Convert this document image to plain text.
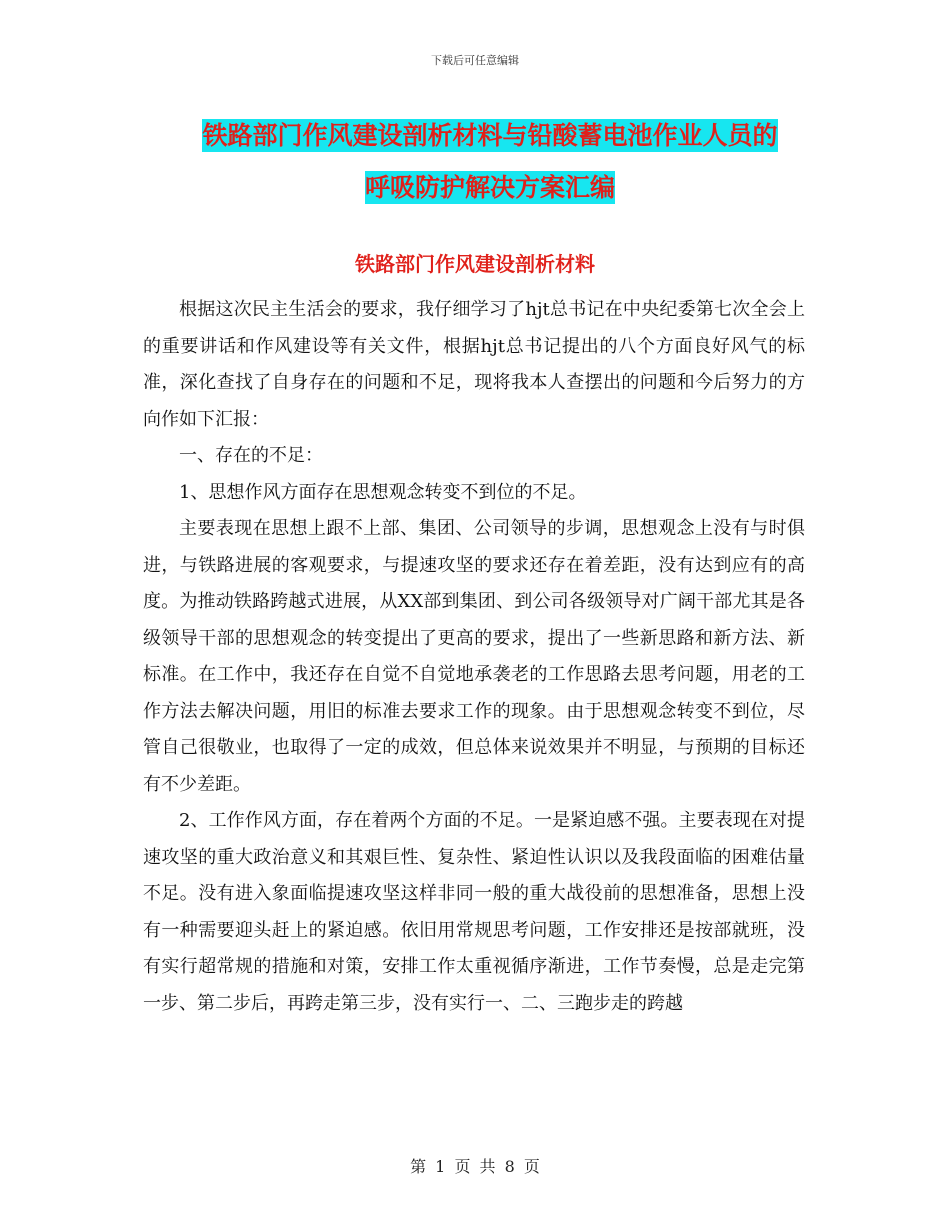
下载后可任意编辑
铁路部门作风建设剖析材料与铅酸蓄电池作业人员的
呼吸防护解决方案汇编
铁路部门作风建设剖析材料

根据这次民主生活会的要求，我仔细学习了hjt总书记在中央纪委第七次全会上的重要讲话和作风建设等有关文件，根据hjt总书记提出的八个方面良好风气的标准，深化查找了自身存在的问题和不足，现将我本人查摆出的问题和今后努力的方向作如下汇报：

一、存在的不足：

1、思想作风方面存在思想观念转变不到位的不足。

主要表现在思想上跟不上部、集团、公司领导的步调，思想观念上没有与时俱进，与铁路进展的客观要求，与提速攻坚的要求还存在着差距，没有达到应有的高度。为推动铁路跨越式进展，从XX部到集团、到公司各级领导对广阔干部尤其是各级领导干部的思想观念的转变提出了更高的要求，提出了一些新思路和新方法、新标准。在工作中，我还存在自觉不自觉地承袭老的工作思路去思考问题，用老的工作方法去解决问题，用旧的标准去要求工作的现象。由于思想观念转变不到位，尽管自己很敬业，也取得了一定的成效，但总体来说效果并不明显，与预期的目标还有不少差距。

2、工作作风方面，存在着两个方面的不足。一是紧迫感不强。主要表现在对提速攻坚的重大政治意义和其艰巨性、复杂性、紧迫性认识以及我段面临的困难估量不足。没有进入象面临提速攻坚这样非同一般的重大战役前的思想准备，思想上没有一种需要迎头赶上的紧迫感。依旧用常规思考问题，工作安排还是按部就班，没有实行超常规的措施和对策，安排工作太重视循序渐进，工作节奏慢，总是走完第一步、第二步后，再跨走第三步，没有实行一、二、三跑步走的跨越

第 1 页 共 8 页
